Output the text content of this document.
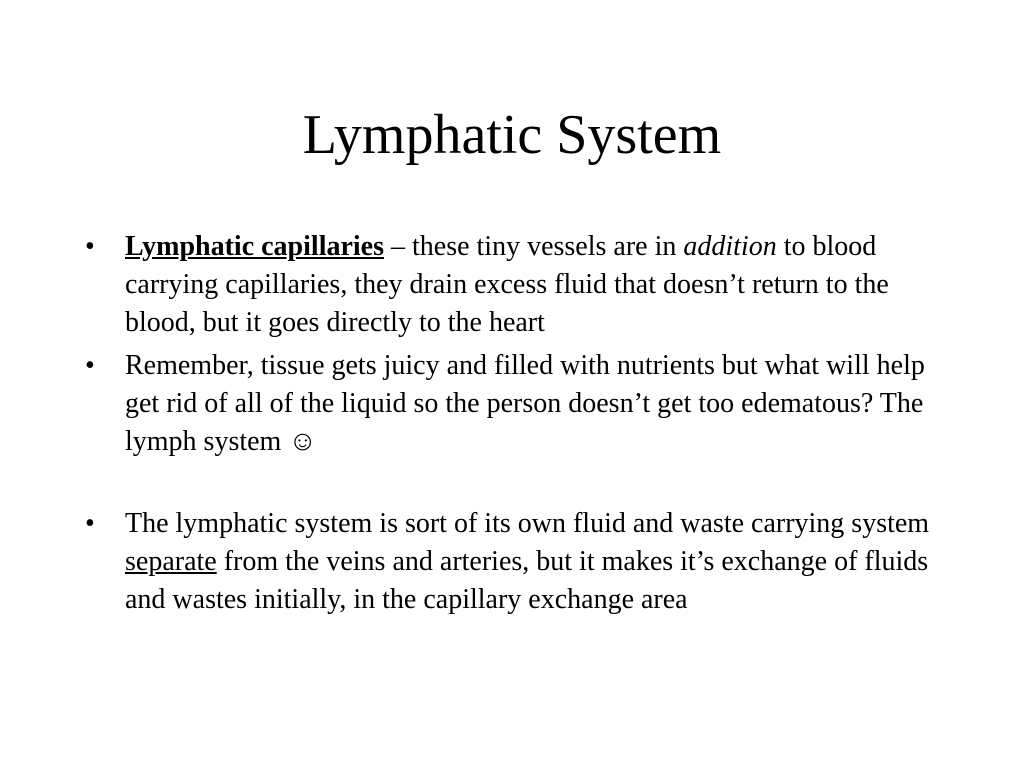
Lymphatic System
•	Lymphatic capillaries – these tiny vessels are in addition to blood carrying capillaries, they drain excess fluid that doesn’t return to the blood, but it goes directly to the heart
•	Remember, tissue gets juicy and filled with nutrients but what will help get rid of all of the liquid so the person doesn’t get too edematous? The lymph system ☺
•	The lymphatic system is sort of its own fluid and waste carrying system separate from the veins and arteries, but it makes it’s exchange of fluids and wastes initially, in the capillary exchange area
